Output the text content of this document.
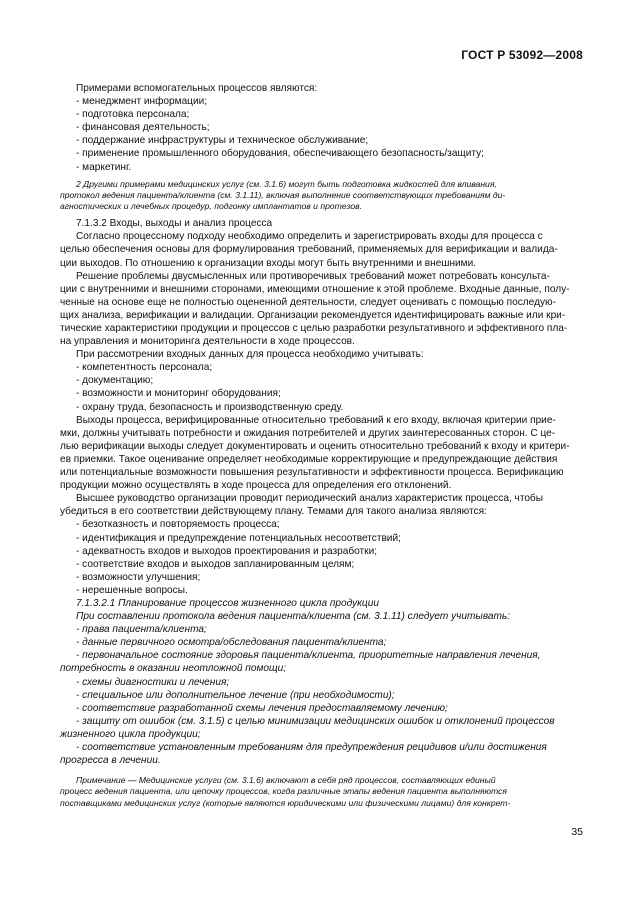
ГОСТ Р 53092—2008
Примерами вспомогательных процессов являются:
- менеджмент информации;
- подготовка персонала;
- финансовая деятельность;
- поддержание инфраструктуры и техническое обслуживание;
- применение промышленного оборудования, обеспечивающего безопасность/защиту;
- маркетинг.
2 Другими примерами медицинских услуг (см. 3.1.6) могут быть подготовка жидкостей для вливания,
протокол ведения пациента/клиента (см. 3.1.11), включая выполнение соответствующих требованиям ди-
агностических и лечебных процедур, подгонку имплантатов и протезов.
7.1.3.2 Входы, выходы и анализ процесса
Согласно процессному подходу необходимо определить и зарегистрировать входы для процесса с
целью обеспечения основы для формулирования требований, применяемых для верификации и валида-
ции выходов. По отношению к организации входы могут быть внутренними и внешними.
Решение проблемы двусмысленных или противоречивых требований может потребовать консульта-
ции с внутренними и внешними сторонами, имеющими отношение к этой проблеме. Входные данные, полу-
ченные на основе еще не полностью оцененной деятельности, следует оценивать с помощью последую-
щих анализа, верификации и валидации. Организации рекомендуется идентифицировать важные или кри-
тические характеристики продукции и процессов с целью разработки результативного и эффективного пла-
на управления и мониторинга деятельности в ходе процессов.
При рассмотрении входных данных для процесса необходимо учитывать:
- компетентность персонала;
- документацию;
- возможности и мониторинг оборудования;
- охрану труда, безопасность и производственную среду.
Выходы процесса, верифицированные относительно требований к его входу, включая критерии прие-
мки, должны учитывать потребности и ожидания потребителей и других заинтересованных сторон. С це-
лью верификации выходы следует документировать и оценить относительно требований к входу и критери-
ев приемки. Такое оценивание определяет необходимые корректирующие и предупреждающие действия
или потенциальные возможности повышения результативности и эффективности процесса. Верификацию
продукции можно осуществлять в ходе процесса для определения его отклонений.
Высшее руководство организации проводит периодический анализ характеристик процесса, чтобы
убедиться в его соответствии действующему плану. Темами для такого анализа являются:
- безотказность и повторяемость процесса;
- идентификация и предупреждение потенциальных несоответствий;
- адекватность входов и выходов проектирования и разработки;
- соответствие входов и выходов запланированным целям;
- возможности улучшения;
- нерешенные вопросы.
7.1.3.2.1 Планирование процессов жизненного цикла продукции
При составлении протокола ведения пациента/клиента (см. 3.1.11) следует учитывать:
- права пациента/клиента;
- данные первичного осмотра/обследования пациента/клиента;
- первоначальное состояние здоровья пациента/клиента, приоритетные направления лечения,
потребность в оказании неотложной помощи;
- схемы диагностики и лечения;
- специальное или дополнительное лечение (при необходимости);
- соответствие разработанной схемы лечения предоставляемому лечению;
- защиту от ошибок (см. 3.1.5) с целью минимизации медицинских ошибок и отклонений процессов
жизненного цикла продукции;
- соответствие установленным требованиям для предупреждения рецидивов и/или достижения
прогресса в лечении.
Примечание — Медицинские услуги (см. 3.1.6) включают в себя ряд процессов, составляющих единый
процесс ведения пациента, или цепочку процессов, когда различные этапы ведения пациента выполняются
поставщиками медицинских услуг (которые являются юридическими или физическими лицами) для конкрет-
35
